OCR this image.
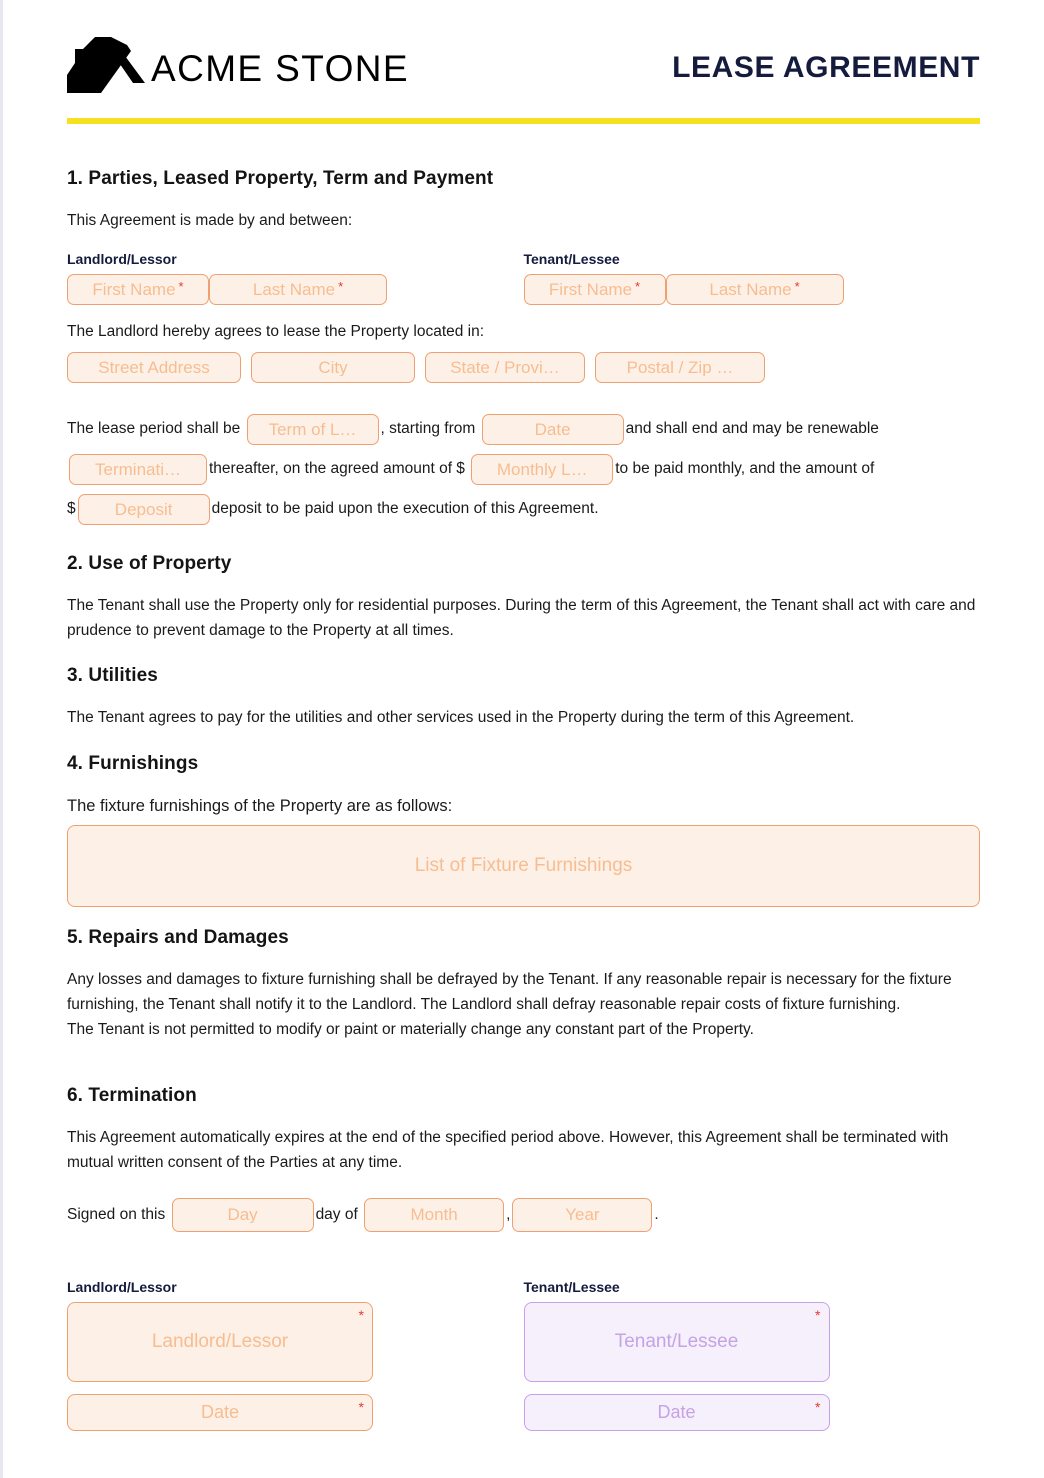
ACME STONE	LEASE AGREEMENT
1. Parties, Leased Property, Term and Payment

This Agreement is made by and between:

Landlord/Lessor
First Name *	Last Name *
Tenant/Lessee
First Name *	Last Name *

The Landlord hereby agrees to lease the Property located in:

Street Address	City	State / Provi…	Postal / Zip …

The lease period shall be Term of L… , starting from	Date	and shall end and may be renewable

Terminati… thereafter, on the agreed amount of $ Monthly L… to be paid monthly, and the amount of
$ Deposit	deposit to be paid upon the execution of this Agreement.

2. Use of Property

The Tenant shall use the Property only for residential purposes. During the term of this Agreement, the Tenant shall act with care and prudence to prevent damage to the Property at all times.

3. Utilities

The Tenant agrees to pay for the utilities and other services used in the Property during the term of this Agreement.

4. Furnishings

The fixture furnishings of the Property are as follows:

List of Fixture Furnishings
5. Repairs and Damages

Any losses and damages to fixture furnishing shall be defrayed by the Tenant. If any reasonable repair is necessary for the fixture furnishing, the Tenant shall notify it to the Landlord. The Landlord shall defray reasonable repair costs of fixture furnishing.

The Tenant is not permitted to modify or paint or materially change any constant part of the Property.

6. Termination

This Agreement automatically expires at the end of the specified period above. However, this Agreement shall be terminated with mutual written consent of the Parties at any time.

Signed on this	Day	day of	Month	,	Year	.

Landlord/Lessor
Landlord/Lessor
*
Date	*
Tenant/Lessee
Tenant/Lessee
*
Date	*
